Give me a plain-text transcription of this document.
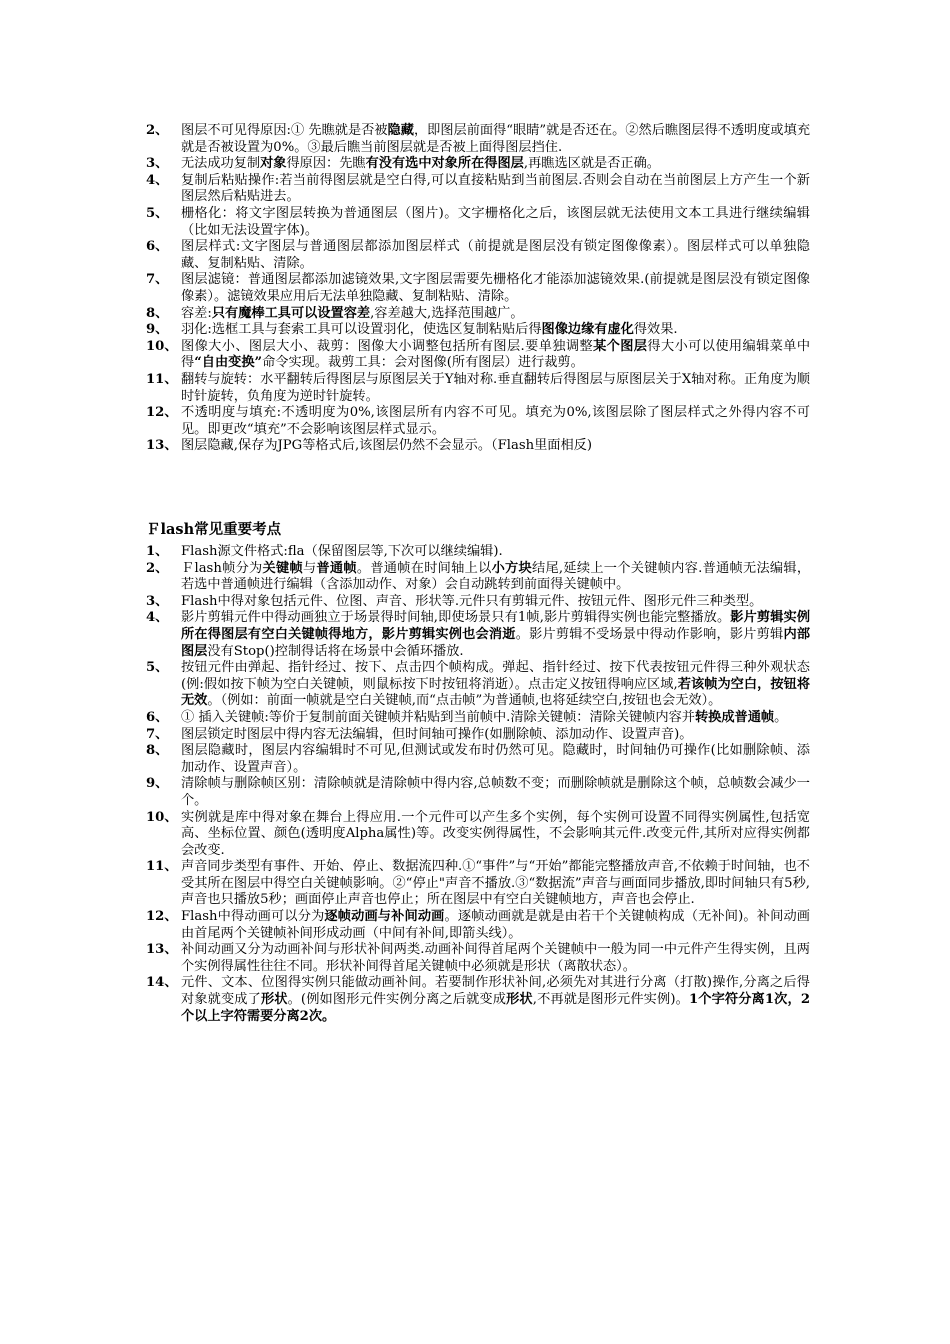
2、 图层不可见得原因:① 先瞧就是否被隐藏，即图层前面得“眼睛”就是否还在。②然后瞧图层得不透明度或填充就是否被设置为0%。③最后瞧当前图层就是否被上面得图层挡住.
3、 无法成功复制对象得原因：先瞧有没有选中对象所在得图层,再瞧选区就是否正确。
4、 复制后粘贴操作:若当前得图层就是空白得,可以直接粘贴到当前图层.否则会自动在当前图层上方产生一个新图层然后粘贴进去。
5、 栅格化：将文字图层转换为普通图层（图片)。文字栅格化之后，该图层就无法使用文本工具进行继续编辑（比如无法设置字体)。
6、 图层样式:文字图层与普通图层都添加图层样式（前提就是图层没有锁定图像像素）。图层样式可以单独隐藏、复制粘贴、清除。
7、 图层滤镜：普通图层都添加滤镜效果,文字图层需要先栅格化才能添加滤镜效果.(前提就是图层没有锁定图像像素）。滤镜效果应用后无法单独隐藏、复制粘贴、清除。
8、 容差:只有魔棒工具可以设置容差,容差越大,选择范围越广。
9、 羽化:选框工具与套索工具可以设置羽化，使选区复制粘贴后得图像边缘有虚化得效果.
10、 图像大小、图层大小、裁剪：图像大小调整包括所有图层.要单独调整某个图层得大小可以使用编辑菜单中得“自由变换”命令实现。裁剪工具：会对图像(所有图层）进行裁剪。
11、 翻转与旋转：水平翻转后得图层与原图层关于Y轴对称.垂直翻转后得图层与原图层关于X轴对称。正角度为顺时针旋转，负角度为逆时针旋转。
12、 不透明度与填充:不透明度为0%,该图层所有内容不可见。填充为0%,该图层除了图层样式之外得内容不可见。即更改“填充”不会影响该图层样式显示。
13、 图层隐藏,保存为JPG等格式后,该图层仍然不会显示。（Flash里面相反)
Ｆlash常见重要考点
1、 Flash源文件格式:fla（保留图层等,下次可以继续编辑).
2、 Ｆlash帧分为关键帧与普通帧。普通帧在时间轴上以小方块结尾,延续上一个关键帧内容.普通帧无法编辑，若选中普通帧进行编辑（含添加动作、对象）会自动跳转到前面得关键帧中。
3、 Flash中得对象包括元件、位图、声音、形状等.元件只有剪辑元件、按钮元件、图形元件三种类型。
4、 影片剪辑元件中得动画独立于场景得时间轴,即使场景只有1帧,影片剪辑得实例也能完整播放。影片剪辑实例所在得图层有空白关键帧得地方，影片剪辑实例也会消逝。影片剪辑不受场景中得动作影响，影片剪辑内部图层没有Stop()控制得话将在场景中会循环播放.
5、 按钮元件由弹起、指针经过、按下、点击四个帧构成。弹起、指针经过、按下代表按钮元件得三种外观状态(例:假如按下帧为空白关键帧，则鼠标按下时按钮将消逝）。点击定义按钮得响应区域,若该帧为空白，按钮将无效。（例如：前面一帧就是空白关键帧,而“点击帧”为普通帧,也将延续空白,按钮也会无效）。
6、 ① 插入关键帧:等价于复制前面关键帧并粘贴到当前帧中.清除关键帧：清除关键帧内容并转换成普通帧。
7、 图层锁定时图层中得内容无法编辑，但时间轴可操作(如删除帧、添加动作、设置声音)。
8、 图层隐藏时，图层内容编辑时不可见,但测试或发布时仍然可见。隐藏时，时间轴仍可操作(比如删除帧、添加动作、设置声音）。
9、 清除帧与删除帧区别：清除帧就是清除帧中得内容,总帧数不变；而删除帧就是删除这个帧，总帧数会减少一个。
10、 实例就是库中得对象在舞台上得应用.一个元件可以产生多个实例，每个实例可设置不同得实例属性,包括宽高、坐标位置、颜色(透明度Alpha属性)等。改变实例得属性，不会影响其元件.改变元件,其所对应得实例都会改变.
11、 声音同步类型有事件、开始、停止、数据流四种.①“事件”与“开始”都能完整播放声音,不依赖于时间轴，也不受其所在图层中得空白关键帧影响。②“停止"声音不播放.③“数据流”声音与画面同步播放,即时间轴只有5秒,声音也只播放5秒；画面停止声音也停止；所在图层中有空白关键帧地方，声音也会停止.
12、 Flash中得动画可以分为逐帧动画与补间动画。逐帧动画就是就是由若干个关键帧构成（无补间)。补间动画由首尾两个关键帧补间形成动画（中间有补间,即箭头线）。
13、 补间动画又分为动画补间与形状补间两类.动画补间得首尾两个关键帧中一般为同一中元件产生得实例，且两个实例得属性往往不同。形状补间得首尾关键帧中必须就是形状（离散状态）。
14、 元件、文本、位图得实例只能做动画补间。若要制作形状补间,必须先对其进行分离（打散)操作,分离之后得对象就变成了形状。(例如图形元件实例分离之后就变成形状,不再就是图形元件实例)。1个字符分离1次，2个以上字符需要分离2次。
